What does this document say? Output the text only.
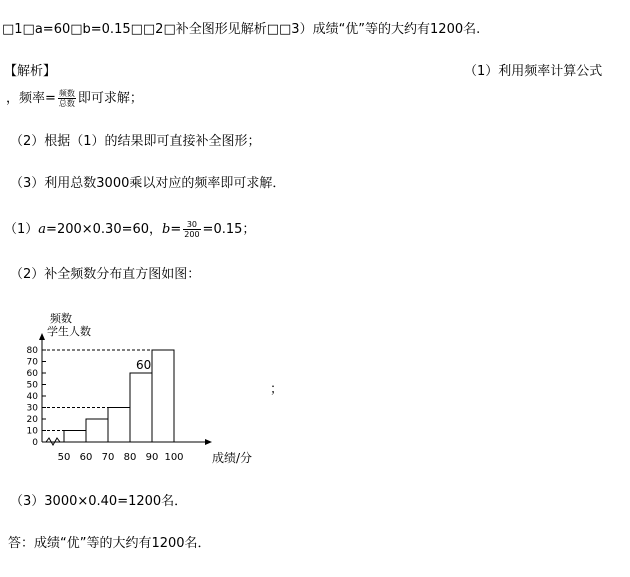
□1□a=60□b=0.15□□2□补全图形见解析□□3）成绩“优”等的大约有1200名.
【解析】	（1）利用频率计算公式
，频率= $\frac{\text{频数}}{\text{总数}}$ 即可求解；
（2）根据（1）的结果即可直接补全图形；
（3）利用总数3000乘以对应的频率即可求解．
（1）a=200×0.30=60，$b= \frac{30}{200} =0.15$；
（2）补全频数分布直方图如图：
频数
学生人数
0
10
20
30
40
50
60
70
80
50 60 70 80 90 100
60
成绩/分
；
（3）3000×0.40=1200名．
答：成绩“优”等的大约有1200名．
